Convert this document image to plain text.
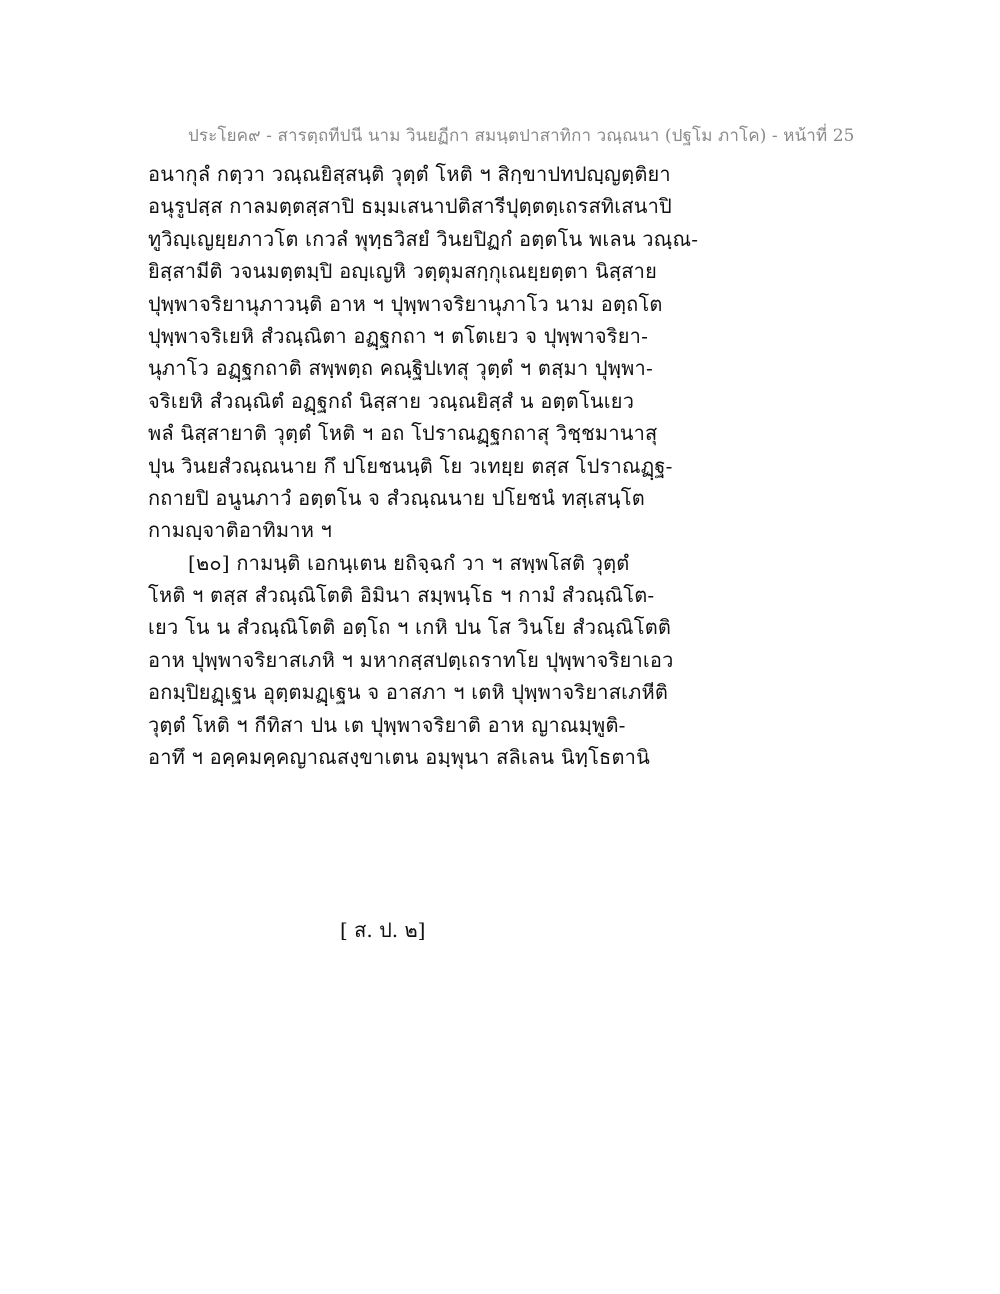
ประโยค๙ - สารตฺถทีปนี นาม วินยฏีกา สมนฺตปาสาทิกา วณฺณนา (ปฐโม ภาโค) - หน้าที่ 25
อนากุลํ กตฺวา วณฺณยิสฺสนฺติ วุตฺตํ โหติ ฯ สิกฺขาปทปญฺญตฺติยา
อนุรูปสฺส กาลมตฺตสฺสาปิ ธมฺมเสนาปติสารีปุตฺตตฺเถรสทิเสนาปิ
ทูวิญฺเญยฺยภาวโต เกวลํ พุทฺธวิสยํ วินยปิฏกํ อตฺตโน พเลน วณฺณ-
ยิสฺสามีติ วจนมตฺตมฺปิ อญฺเญหิ วตฺตุมสกฺกุเณยฺยตฺตา นิสฺสาย
ปุพฺพาจริยานุภาวนฺติ อาห ฯ ปุพฺพาจริยานุภาโว นาม อตฺถโต
ปุพฺพาจริเยหิ สํวณฺณิตา อฏฺฐกถา ฯ ตโตเยว จ ปุพฺพาจริยา-
นุภาโว อฏฺฐกถาติ สพฺพตฺถ คณฺฐิปเทสุ วุตฺตํ ฯ ตสฺมา ปุพฺพา-
จริเยหิ สํวณฺณิตํ อฏฺฐกถํ นิสฺสาย วณฺณยิสฺสํ น อตฺตโนเยว
พลํ นิสฺสายาติ วุตฺตํ โหติ ฯ อถ โปราณฏฺฐกถาสุ วิชฺชมานาสุ
ปุน วินยสํวณฺณนาย กึ ปโยชนนฺติ โย วเทยฺย ตสฺส โปราณฏฺฐ-
กถายปิ อนูนภาวํ อตฺตโน จ สํวณฺณนาย ปโยชนํ ทสฺเสนฺโต
กามญฺจาติอาทิมาห ฯ
[๒๐] กามนฺติ เอกนฺเตน ยถิจฺฉกํ วา ฯ สพฺพโสติ วุตฺตํ
โหติ ฯ ตสฺส สํวณฺณิโตติ อิมินา สมฺพนฺโธ ฯ กามํ สํวณฺณิโต-
เยว โน น สํวณฺณิโตติ อตฺโถ ฯ เกหิ ปน โส วินโย สํวณฺณิโตติ
อาห ปุพฺพาจริยาสเภหิ ฯ มหากสฺสปตฺเถราทโย ปุพฺพาจริยาเอว
อกมฺปิยฏฺเฐน อุตฺตมฏฺเฐน จ อาสภา ฯ เตหิ ปุพฺพาจริยาสเภหีติ
วุตฺตํ โหติ ฯ กีทิสา ปน เต ปุพฺพาจริยาติ อาห ญาณมฺพูติ-
อาทึ ฯ อคฺคมคฺคญาณสงฺขาเตน อมฺพุนา สลิเลน นิทฺโธตานิ
[ ส. ป. ๒]
